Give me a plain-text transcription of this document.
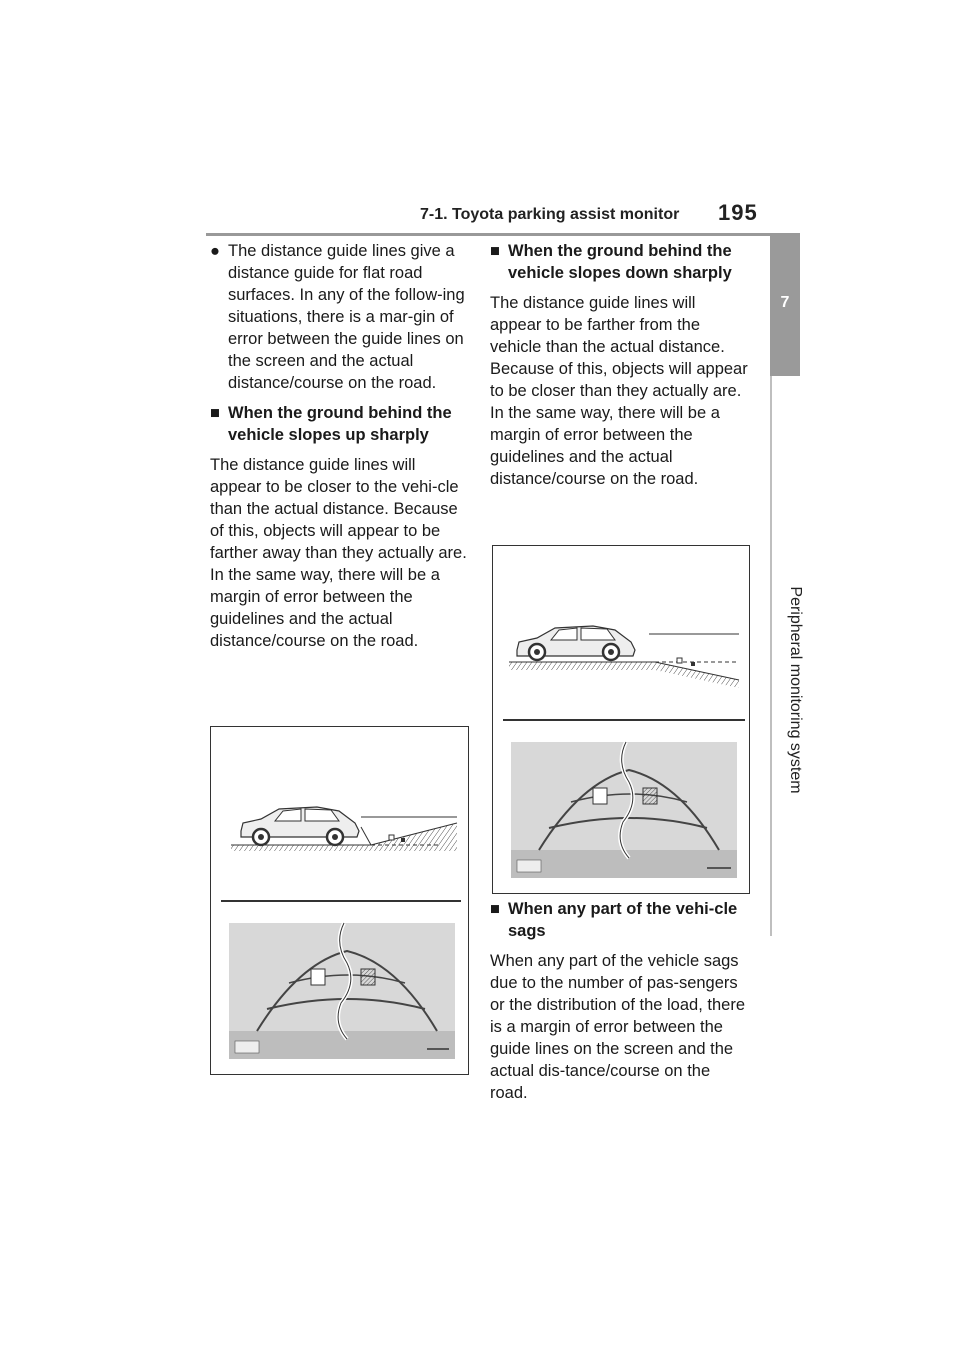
7-1. Toyota parking assist monitor 195
7
Peripheral monitoring system

● The distance guide lines give a distance guide for flat road surfaces. In any of the follow-ing situations, there is a mar-gin of error between the guide lines on the screen and the actual distance/course on the road.

■ When the ground behind the vehicle slopes up sharply

The distance guide lines will appear to be closer to the vehi-cle than the actual distance. Because of this, objects will appear to be farther away than they actually are. In the same way, there will be a margin of error between the guidelines and the actual distance/course on the road.

■ When the ground behind the vehicle slopes down sharply

The distance guide lines will appear to be farther from the vehicle than the actual distance. Because of this, objects will appear to be closer than they actually are. In the same way, there will be a margin of error between the guidelines and the actual distance/course on the road.

■ When any part of the vehi-cle sags

When any part of the vehicle sags due to the number of pas-sengers or the distribution of the load, there is a margin of error between the guide lines on the screen and the actual dis-tance/course on the road.
